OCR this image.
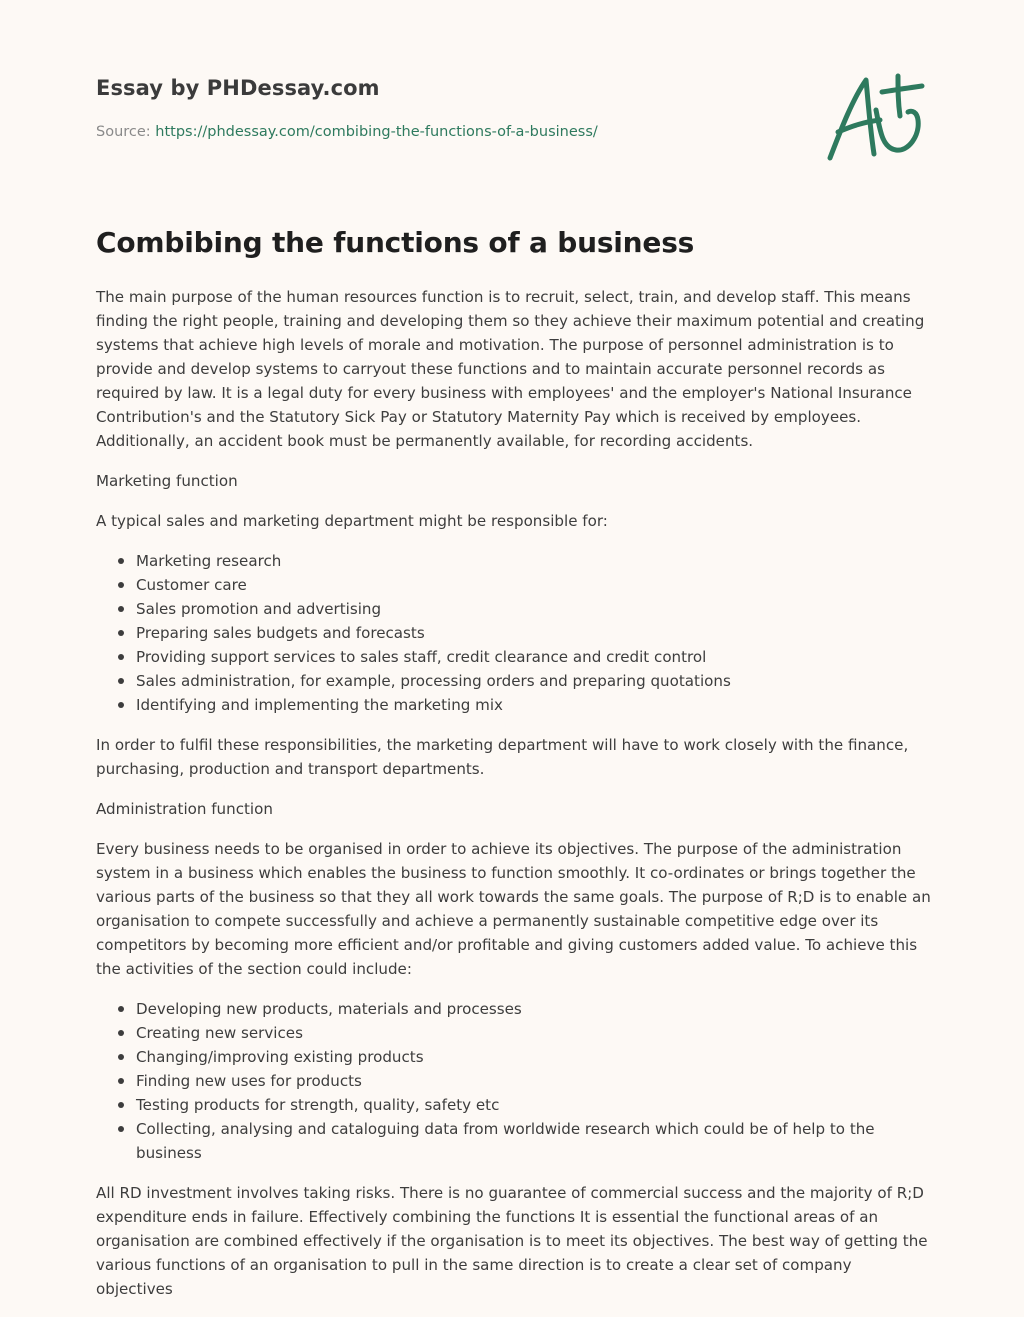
Essay by PHDessay.com
Source: https://phdessay.com/combibing-the-functions-of-a-business/
Combibing the functions of a business

The main purpose of the human resources function is to recruit, select, train, and develop staff. This means finding the right people, training and developing them so they achieve their maximum potential and creating systems that achieve high levels of morale and motivation. The purpose of personnel administration is to provide and develop systems to carryout these functions and to maintain accurate personnel records as required by law. It is a legal duty for every business with employees' and the employer's National Insurance Contribution's and the Statutory Sick Pay or Statutory Maternity Pay which is received by employees. Additionally, an accident book must be permanently available, for recording accidents.

Marketing function

A typical sales and marketing department might be responsible for:

Marketing research
Customer care
Sales promotion and advertising
Preparing sales budgets and forecasts
Providing support services to sales staff, credit clearance and credit control
Sales administration, for example, processing orders and preparing quotations
Identifying and implementing the marketing mix

In order to fulfil these responsibilities, the marketing department will have to work closely with the finance, purchasing, production and transport departments.

Administration function

Every business needs to be organised in order to achieve its objectives. The purpose of the administration system in a business which enables the business to function smoothly. It co-ordinates or brings together the various parts of the business so that they all work towards the same goals. The purpose of R;D is to enable an organisation to compete successfully and achieve a permanently sustainable competitive edge over its competitors by becoming more efficient and/or profitable and giving customers added value. To achieve this the activities of the section could include:

Developing new products, materials and processes
Creating new services
Changing/improving existing products
Finding new uses for products
Testing products for strength, quality, safety etc
Collecting, analysing and cataloguing data from worldwide research which could be of help to the business

All RD investment involves taking risks. There is no guarantee of commercial success and the majority of R;D expenditure ends in failure. Effectively combining the functions It is essential the functional areas of an organisation are combined effectively if the organisation is to meet its objectives. The best way of getting the various functions of an organisation to pull in the same direction is to create a clear set of company objectives
